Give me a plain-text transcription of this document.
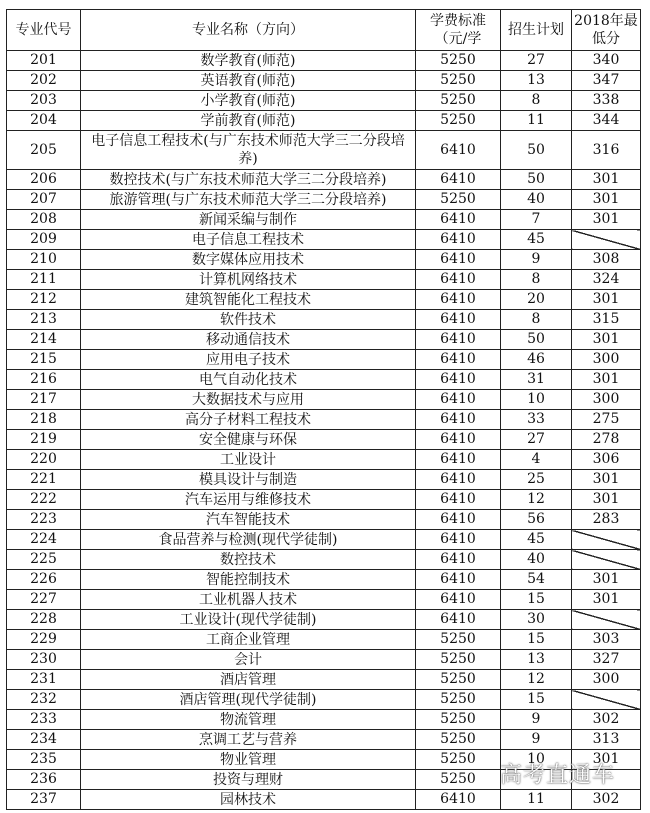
专业代号	专业名称（方向）	学费标准（元/学	招生计划	2018年最低分
201	数学教育(师范)	5250	27	340
202	英语教育(师范)	5250	13	347
203	小学教育(师范)	5250	8	338
204	学前教育(师范)	5250	11	344
205	电子信息工程技术(与广东技术师范大学三二分段培养)	6410	50	316
206	数控技术(与广东技术师范大学三二分段培养)	6410	50	301
207	旅游管理(与广东技术师范大学三二分段培养)	5250	40	301
208	新闻采编与制作	6410	7	301
209	电子信息工程技术	6410	45	
210	数字媒体应用技术	6410	9	308
211	计算机网络技术	6410	8	324
212	建筑智能化工程技术	6410	20	301
213	软件技术	6410	8	315
214	移动通信技术	6410	50	301
215	应用电子技术	6410	46	300
216	电气自动化技术	6410	31	301
217	大数据技术与应用	6410	10	300
218	高分子材料工程技术	6410	33	275
219	安全健康与环保	6410	27	278
220	工业设计	6410	4	306
221	模具设计与制造	6410	25	301
222	汽车运用与维修技术	6410	12	301
223	汽车智能技术	6410	56	283
224	食品营养与检测(现代学徒制)	6410	45	
225	数控技术	6410	40	
226	智能控制技术	6410	54	301
227	工业机器人技术	6410	15	301
228	工业设计(现代学徒制)	6410	30	
229	工商企业管理	5250	15	303
230	会计	5250	13	327
231	酒店管理	5250	12	300
232	酒店管理(现代学徒制)	5250	15	
233	物流管理	5250	9	302
234	烹调工艺与营养	5250	9	313
235	物业管理	5250	10	301
236	投资与理财	5250		
237	园林技术	6410	11	302
高考直通车
